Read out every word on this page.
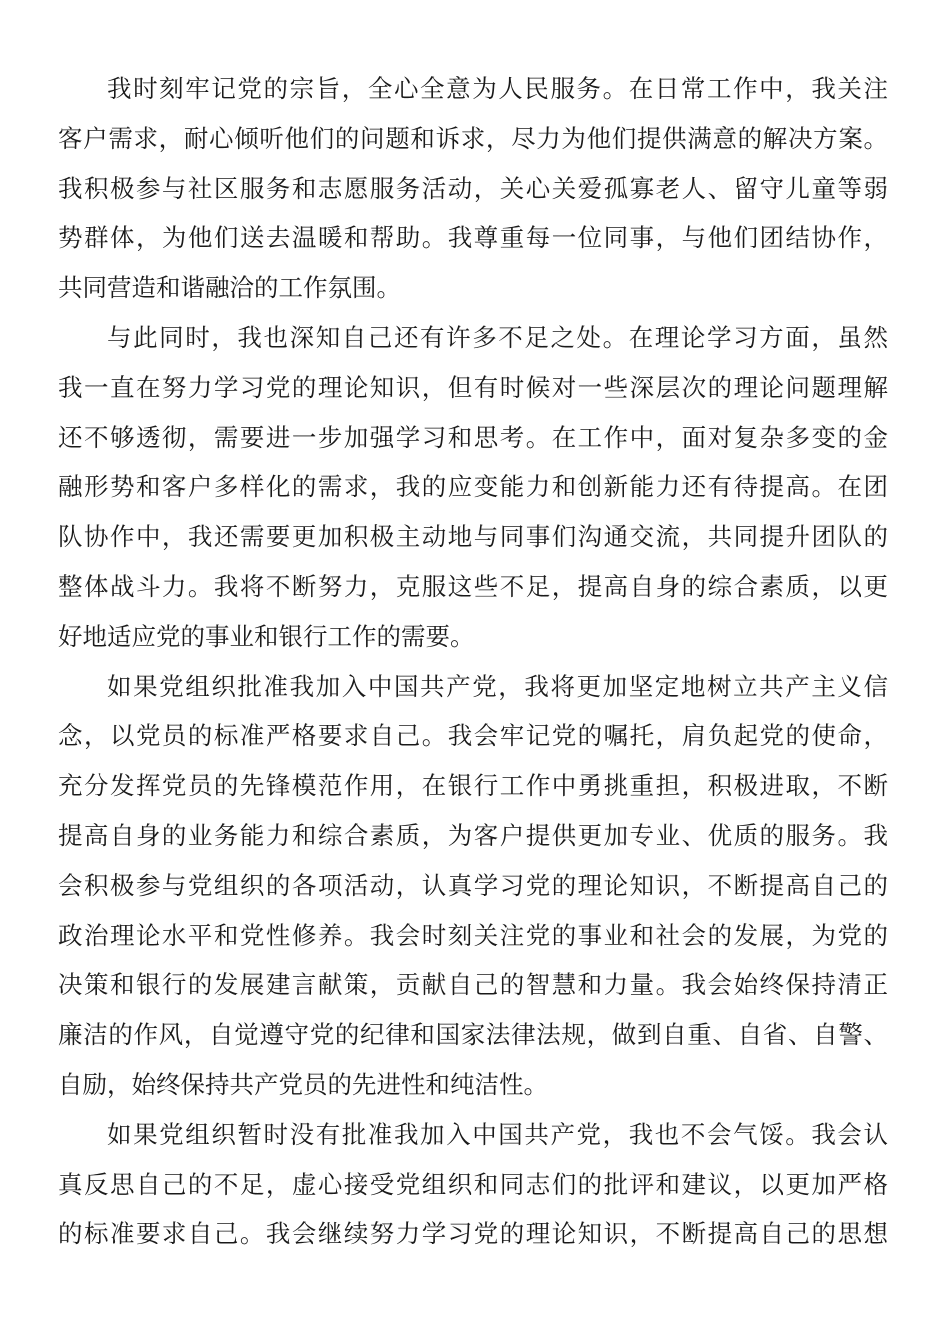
我时刻牢记党的宗旨，全心全意为人民服务。在日常工作中，我关注
客户需求，耐心倾听他们的问题和诉求，尽力为他们提供满意的解决方案。
我积极参与社区服务和志愿服务活动，关心关爱孤寡老人、留守儿童等弱
势群体，为他们送去温暖和帮助。我尊重每一位同事，与他们团结协作，
共同营造和谐融洽的工作氛围。
与此同时，我也深知自己还有许多不足之处。在理论学习方面，虽然
我一直在努力学习党的理论知识，但有时候对一些深层次的理论问题理解
还不够透彻，需要进一步加强学习和思考。在工作中，面对复杂多变的金
融形势和客户多样化的需求，我的应变能力和创新能力还有待提高。在团
队协作中，我还需要更加积极主动地与同事们沟通交流，共同提升团队的
整体战斗力。我将不断努力，克服这些不足，提高自身的综合素质，以更
好地适应党的事业和银行工作的需要。
如果党组织批准我加入中国共产党，我将更加坚定地树立共产主义信
念，以党员的标准严格要求自己。我会牢记党的嘱托，肩负起党的使命，
充分发挥党员的先锋模范作用，在银行工作中勇挑重担，积极进取，不断
提高自身的业务能力和综合素质，为客户提供更加专业、优质的服务。我
会积极参与党组织的各项活动，认真学习党的理论知识，不断提高自己的
政治理论水平和党性修养。我会时刻关注党的事业和社会的发展，为党的
决策和银行的发展建言献策，贡献自己的智慧和力量。我会始终保持清正
廉洁的作风，自觉遵守党的纪律和国家法律法规，做到自重、自省、自警、
自励，始终保持共产党员的先进性和纯洁性。
如果党组织暂时没有批准我加入中国共产党，我也不会气馁。我会认
真反思自己的不足，虚心接受党组织和同志们的批评和建议，以更加严格
的标准要求自己。我会继续努力学习党的理论知识，不断提高自己的思想
